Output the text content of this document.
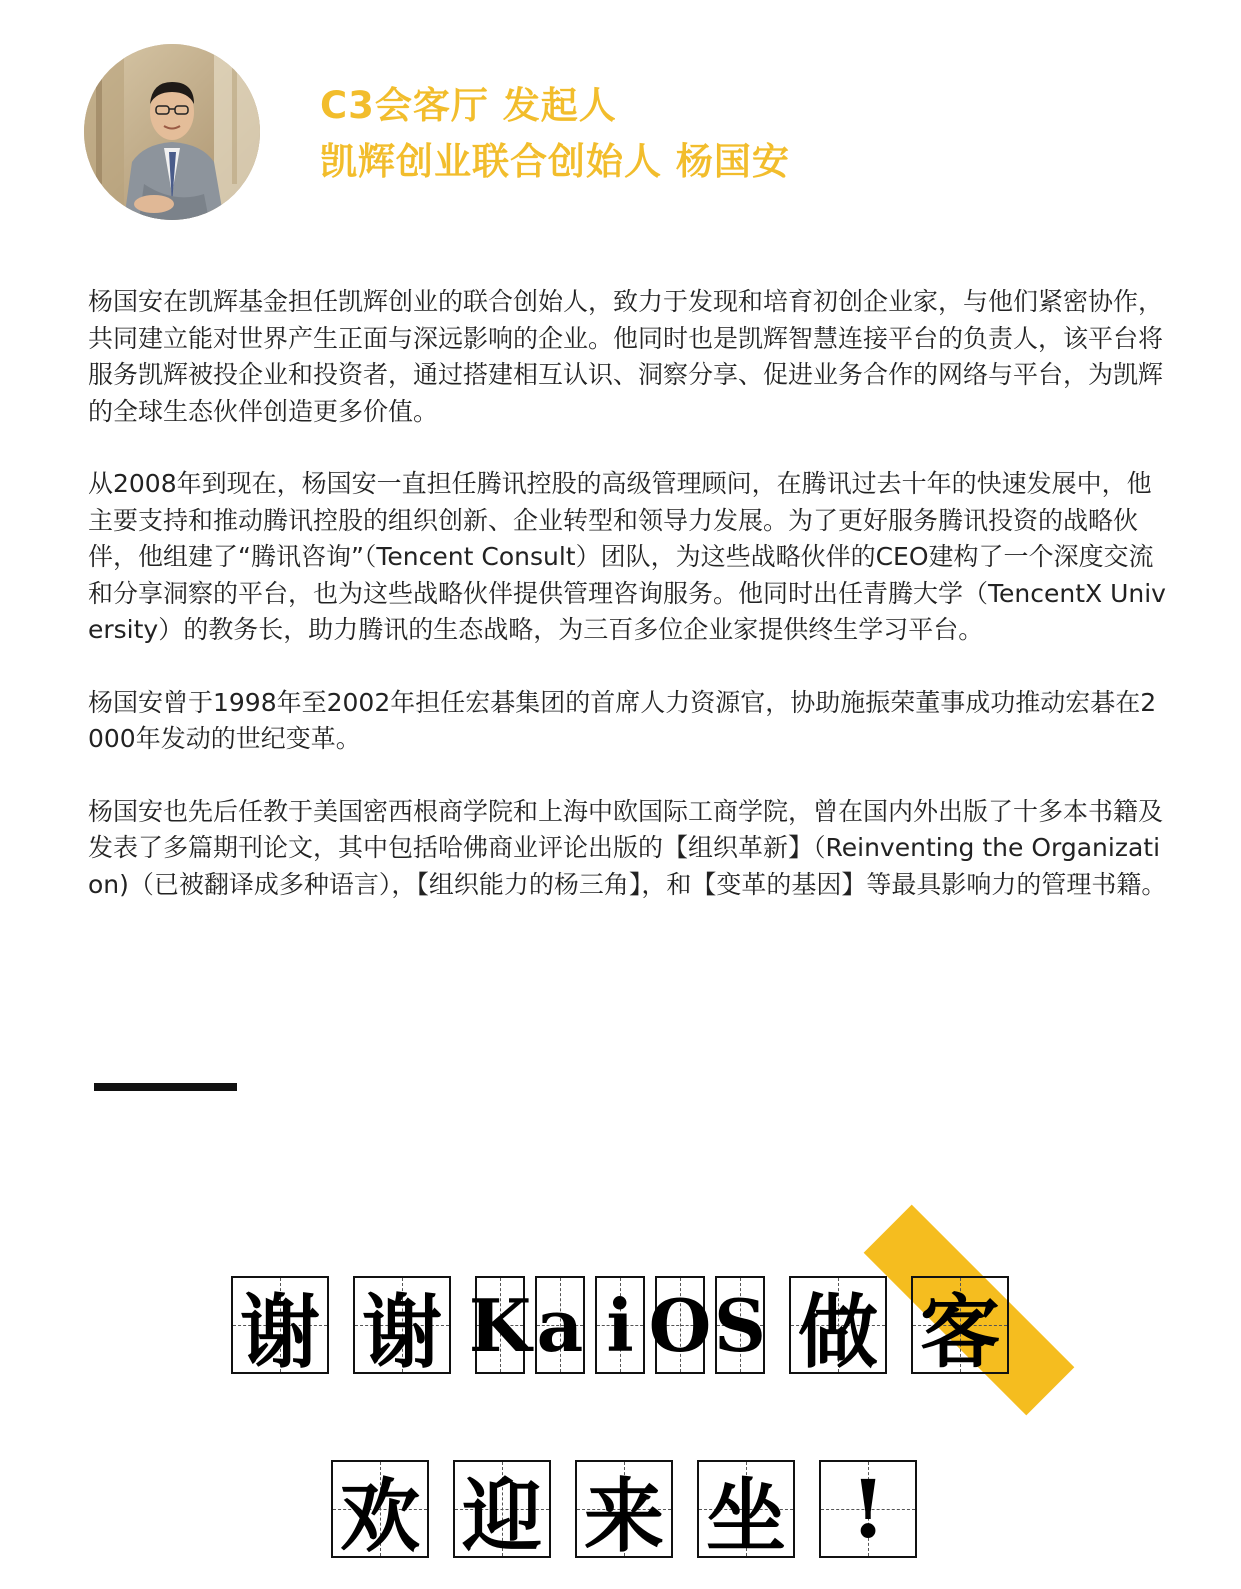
C3会客厅 发起人
凯辉创业联合创始人 杨国安

杨国安在凯辉基金担任凯辉创业的联合创始人，致力于发现和培育初创企业家，与他们紧密协作，共同建立能对世界产生正面与深远影响的企业。他同时也是凯辉智慧连接平台的负责人，该平台将服务凯辉被投企业和投资者，通过搭建相互认识、洞察分享、促进业务合作的网络与平台，为凯辉的全球生态伙伴创造更多价值。

从2008年到现在，杨国安一直担任腾讯控股的高级管理顾问，在腾讯过去十年的快速发展中，他主要支持和推动腾讯控股的组织创新、企业转型和领导力发展。为了更好服务腾讯投资的战略伙伴，他组建了“腾讯咨询”（Tencent Consult）团队，为这些战略伙伴的CEO建构了一个深度交流和分享洞察的平台，也为这些战略伙伴提供管理咨询服务。他同时出任青腾大学（TencentX University）的教务长，助力腾讯的生态战略，为三百多位企业家提供终生学习平台。

杨国安曾于1998年至2002年担任宏碁集团的首席人力资源官，协助施振荣董事成功推动宏碁在2000年发动的世纪变革。

杨国安也先后任教于美国密西根商学院和上海中欧国际工商学院，曾在国内外出版了十多本书籍及发表了多篇期刊论文，其中包括哈佛商业评论出版的【组织革新】（Reinventing the Organization)（已被翻译成多种语言），【组织能力的杨三角】，和【变革的基因】等最具影响力的管理书籍。

谢 谢 K a i O S 做 客
欢 迎 来 坐 !
